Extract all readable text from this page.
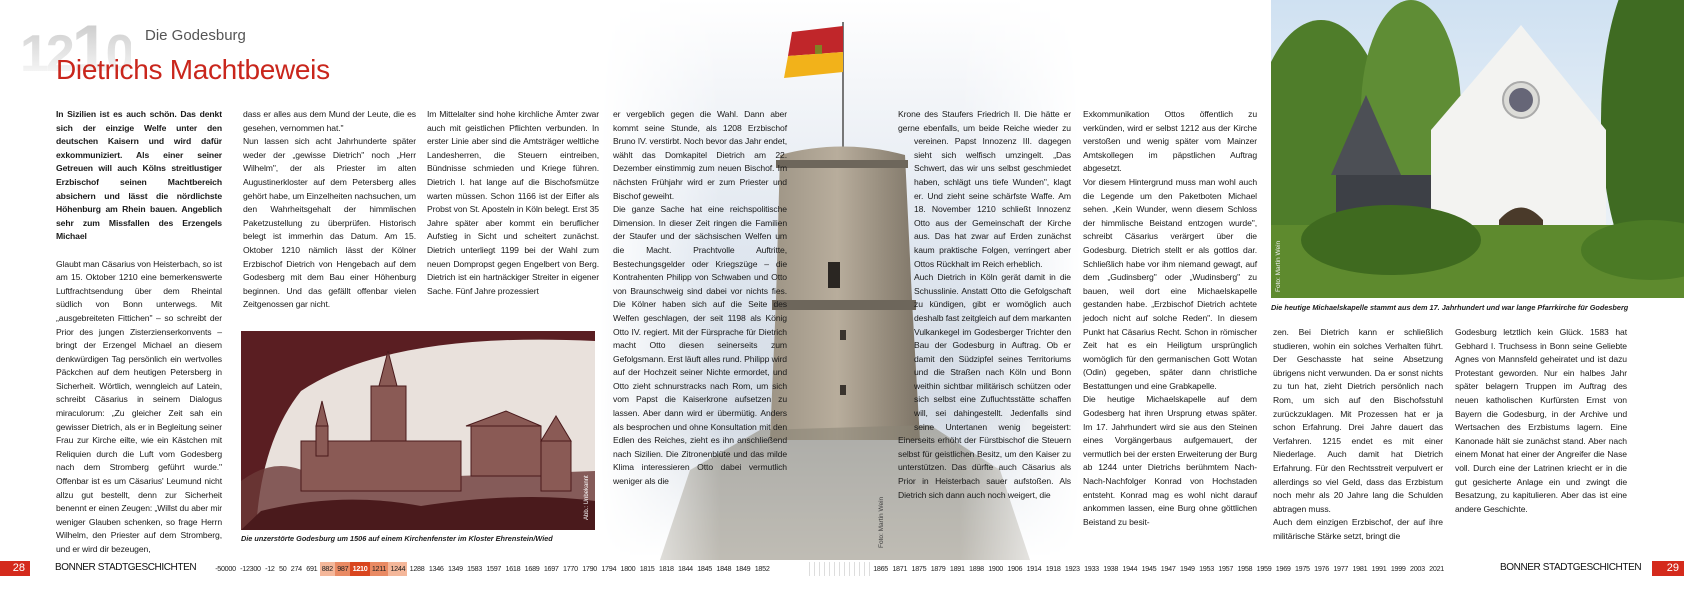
1210 Die Godesburg
Dietrichs Machtbeweis
Foto: Martin Wein

In Sizilien ist es auch schön. Das denkt sich der einzige Welfe unter den deutschen Kaisern und wird dafür exkommuniziert. Als einer seiner Getreuen will auch Kölns streitlustiger Erzbischof seinen Machtbereich absichern und lässt die nördlichste Höhenburg am Rhein bauen. Angeblich sehr zum Missfallen des Erzengels Michael

Glaubt man Cäsarius von Heisterbach, so ist am 15. Oktober 1210 eine bemerkenswerte Luftfrachtsendung über dem Rheintal südlich von Bonn unterwegs. Mit „ausgebreiteten Fittichen" – so schreibt der Prior des jungen Zisterzienserkonvents – bringt der Erzengel Michael an diesem denkwürdigen Tag persönlich ein wertvolles Päckchen auf dem heutigen Petersberg in Sicherheit. Wörtlich, wenngleich auf Latein, schreibt Cäsarius in seinem Dialogus miraculorum: „Zu gleicher Zeit sah ein gewisser Dietrich, als er in Begleitung seiner Frau zur Kirche eilte, wie ein Kästchen mit Reliquien durch die Luft vom Godesberg nach dem Stromberg geführt wurde." Offenbar ist es um Cäsarius' Leumund nicht allzu gut bestellt, denn zur Sicherheit benennt er einen Zeugen: „Willst du aber mir weniger Glauben schenken, so frage Herrn Wilhelm, den Priester auf dem Stromberg, und er wird dir bezeugen,

dass er alles aus dem Mund der Leute, die es gesehen, vernommen hat."

Nun lassen sich acht Jahrhunderte später weder der „gewisse Dietrich" noch „Herr Wilhelm", der als Priester im alten Augustinerkloster auf dem Petersberg alles gehört habe, um Einzelheiten nachsuchen, um den Wahrheitsgehalt der himmlischen Paketzustellung zu überprüfen. Historisch belegt ist immerhin das Datum. Am 15. Oktober 1210 nämlich lässt der Kölner Erzbischof Dietrich von Hengebach auf dem Godesberg mit dem Bau einer Höhenburg beginnen. Und das gefällt offenbar vielen Zeitgenossen gar nicht.

Im Mittelalter sind hohe kirchliche Ämter zwar auch mit geistlichen Pflichten verbunden. In erster Linie aber sind die Amtsträger weltliche Landesherren, die Steuern eintreiben, Bündnisse schmieden und Kriege führen. Dietrich I. hat lange auf die Bischofsmütze warten müssen. Schon 1166 ist der Eifler als Probst von St. Aposteln in Köln belegt. Erst 35 Jahre später aber kommt ein beruflicher Aufstieg in Sicht und scheitert zunächst. Dietrich unterliegt 1199 bei der Wahl zum neuen Dompropst gegen Engelbert von Berg. Dietrich ist ein hartnäckiger Streiter in eigener Sache. Fünf Jahre prozessiert

er vergeblich gegen die Wahl. Dann aber kommt seine Stunde, als 1208 Erzbischof Bruno IV. verstirbt. Noch bevor das Jahr endet, wählt das Domkapitel Dietrich am 22. Dezember einstimmig zum neuen Bischof. Im nächsten Frühjahr wird er zum Priester und Bischof geweiht.

Die ganze Sache hat eine reichspolitische Dimension. In dieser Zeit ringen die Familien der Staufer und der sächsischen Welfen um die Macht. Prachtvolle Auftritte, Bestechungsgelder oder Kriegszüge – die Kontrahenten Philipp von Schwaben und Otto von Braunschweig sind dabei vor nichts fies. Die Kölner haben sich auf die Seite des Welfen geschlagen, der seit 1198 als König Otto IV. regiert. Mit der Fürsprache für Dietrich macht Otto diesen seinerseits zum Gefolgsmann. Erst läuft alles rund. Philipp wird auf der Hochzeit seiner Nichte ermordet, und Otto zieht schnurstracks nach Rom, um sich vom Papst die Kaiserkrone aufsetzen zu lassen. Aber dann wird er übermütig. Anders als besprochen und ohne Konsultation mit den Edlen des Reiches, zieht es ihn anschließend nach Sizilien. Die Zitronenblüte und das milde Klima interessieren Otto dabei vermutlich weniger als die

Krone des Staufers Friedrich II. Die hätte er gerne ebenfalls, um beide Reiche wieder zu vereinen. Papst Innozenz III. dagegen sieht sich welfisch umzingelt. „Das Schwert, das wir uns selbst geschmiedet haben, schlägt uns tiefe Wunden", klagt er. Und zieht seine schärfste Waffe. Am 18. November 1210 schließt Innozenz Otto aus der Gemeinschaft der Kirche aus. Das hat zwar auf Erden zunächst kaum praktische Folgen, verringert aber Ottos Rückhalt im Reich erheblich.

Auch Dietrich in Köln gerät damit in die Schusslinie. Anstatt Otto die Gefolgschaft zu kündigen, gibt er womöglich auch deshalb fast zeitgleich auf dem markanten Vulkankegel im Godesberger Trichter den Bau der Godesburg in Auftrag. Ob er damit den Südzipfel seines Territoriums und die Straßen nach Köln und Bonn weithin sichtbar militärisch schützen oder sich selbst eine Zufluchtsstätte schaffen will, sei dahingestellt. Jedenfalls sind seine Untertanen wenig begeistert: Einerseits erhöht der Fürstbischof die Steuern selbst für geistlichen Besitz, um den Kaiser zu unterstützen. Das dürfte auch Cäsarius als Prior in Heisterbach sauer aufstoßen. Als Dietrich sich dann auch noch weigert, die

Exkommunikation Ottos öffentlich zu verkünden, wird er selbst 1212 aus der Kirche verstoßen und wenig später vom Mainzer Amtskollegen im päpstlichen Auftrag abgesetzt.

Vor diesem Hintergrund muss man wohl auch die Legende um den Paketboten Michael sehen. „Kein Wunder, wenn diesem Schloss der himmlische Beistand entzogen wurde", schreibt Cäsarius verärgert über die Godesburg. Dietrich stellt er als gottlos dar. Schließlich habe vor ihm niemand gewagt, auf dem „Gudinsberg" oder „Wudinsberg" zu bauen, weil dort eine Michaelskapelle gestanden habe. „Erzbischof Dietrich achtete jedoch nicht auf solche Reden". In diesem Punkt hat Cäsarius Recht. Schon in römischer Zeit hat es ein Heiligtum ursprünglich womöglich für den germanischen Gott Wotan (Odin) gegeben, später dann christliche Bestattungen und eine Grabkapelle.

Die heutige Michaelskapelle auf dem Godesberg hat ihren Ursprung etwas später. Im 17. Jahrhundert wird sie aus den Steinen eines Vorgängerbaus aufgemauert, der vermutlich bei der ersten Erweiterung der Burg ab 1244 unter Dietrichs berühmtem Nach-Nach-Nachfolger Konrad von Hochstaden entsteht. Konrad mag es wohl nicht darauf ankommen lassen, eine Burg ohne göttlichen Beistand zu besit-

zen. Bei Dietrich kann er schließlich studieren, wohin ein solches Verhalten führt. Der Geschasste hat seine Absetzung übrigens nicht verwunden. Da er sonst nichts zu tun hat, zieht Dietrich persönlich nach Rom, um sich auf den Bischofsstuhl zurückzuklagen. Mit Prozessen hat er ja schon Erfahrung. Drei Jahre dauert das Verfahren. 1215 endet es mit einer Niederlage. Auch damit hat Dietrich Erfahrung. Für den Rechtsstreit verpulvert er allerdings so viel Geld, dass das Erzbistum noch mehr als 20 Jahre lang die Schulden abtragen muss.

Auch dem einzigen Erzbischof, der auf ihre militärische Stärke setzt, bringt die

Godesburg letztlich kein Glück. 1583 hat Gebhard I. Truchsess in Bonn seine Geliebte Agnes von Mannsfeld geheiratet und ist dazu Protestant geworden. Nur ein halbes Jahr später belagern Truppen im Auftrag des neuen katholischen Kurfürsten Ernst von Bayern die Godesburg, in der Archive und Wertsachen des Erzbistums lagern. Eine Kanonade hält sie zunächst stand. Aber nach einem Monat hat einer der Angreifer die Nase voll. Durch eine der Latrinen kriecht er in die gut gesicherte Anlage ein und zwingt die Besatzung, zu kapitulieren. Aber das ist eine andere Geschichte.

Abb.: Unbekannt
Die unzerstörte Godesburg um 1506 auf einem Kirchenfenster im Kloster Ehrenstein/Wied
Foto: Martin Wein
Die heutige Michaelskapelle stammt aus dem 17. Jahrhundert und war lange Pfarrkirche für Godesberg
28	BONNER STADTGESCHICHTEN	-50000 -12300 -12 50 274 691 882 987 1210 1211 1244 1288 1346 1349 1583 1597 1618 1689 1697 1770 1790 1794 1800 1815 1818 1844 1845 1848 1849 1852	1865 1871 1875 1879 1891 1898 1900 1906 1914 1918 1923 1933 1938 1944 1945 1947 1949 1953 1957 1958 1959 1969 1975 1976 1977 1981 1991 1999 2003 2021	BONNER STADTGESCHICHTEN	29
